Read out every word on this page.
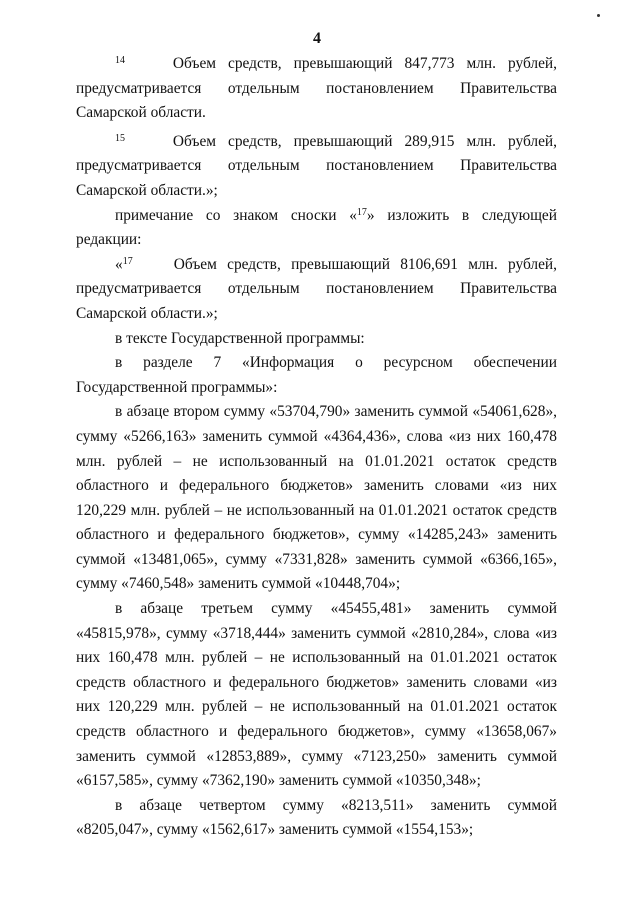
4

$^{14}$	Объем средств, превышающий 847,773 млн. рублей, предусматривается отдельным постановлением Правительства Самарской области.

$^{15}$	Объем средств, превышающий 289,915 млн. рублей, предусматривается отдельным постановлением Правительства Самарской области.»;

примечание со знаком сноски «$^{17}$» изложить в следующей редакции:

«$^{17}$    Объем средств, превышающий 8106,691 млн. рублей, предусматривается отдельным постановлением Правительства Самарской области.»;

в тексте Государственной программы:

в разделе 7 «Информация о ресурсном обеспечении Государственной программы»:

в абзаце втором сумму «53704,790» заменить суммой «54061,628», сумму «5266,163» заменить суммой «4364,436», слова «из них 160,478 млн. рублей – не использованный на 01.01.2021 остаток средств областного и федерального бюджетов» заменить словами «из них 120,229 млн. рублей – не использованный на 01.01.2021 остаток средств областного и федерального бюджетов», сумму «14285,243» заменить суммой «13481,065», сумму «7331,828» заменить суммой «6366,165», сумму «7460,548» заменить суммой «10448,704»;

в абзаце третьем сумму «45455,481» заменить суммой «45815,978», сумму «3718,444» заменить суммой «2810,284», слова «из них 160,478 млн. рублей – не использованный на 01.01.2021 остаток средств областного и федерального бюджетов» заменить словами «из них 120,229 млн. рублей – не использованный на 01.01.2021 остаток средств областного и федерального бюджетов», сумму «13658,067» заменить суммой «12853,889», сумму «7123,250» заменить суммой «6157,585», сумму «7362,190» заменить суммой «10350,348»;

в абзаце четвертом сумму «8213,511» заменить суммой «8205,047», сумму «1562,617» заменить суммой «1554,153»;
